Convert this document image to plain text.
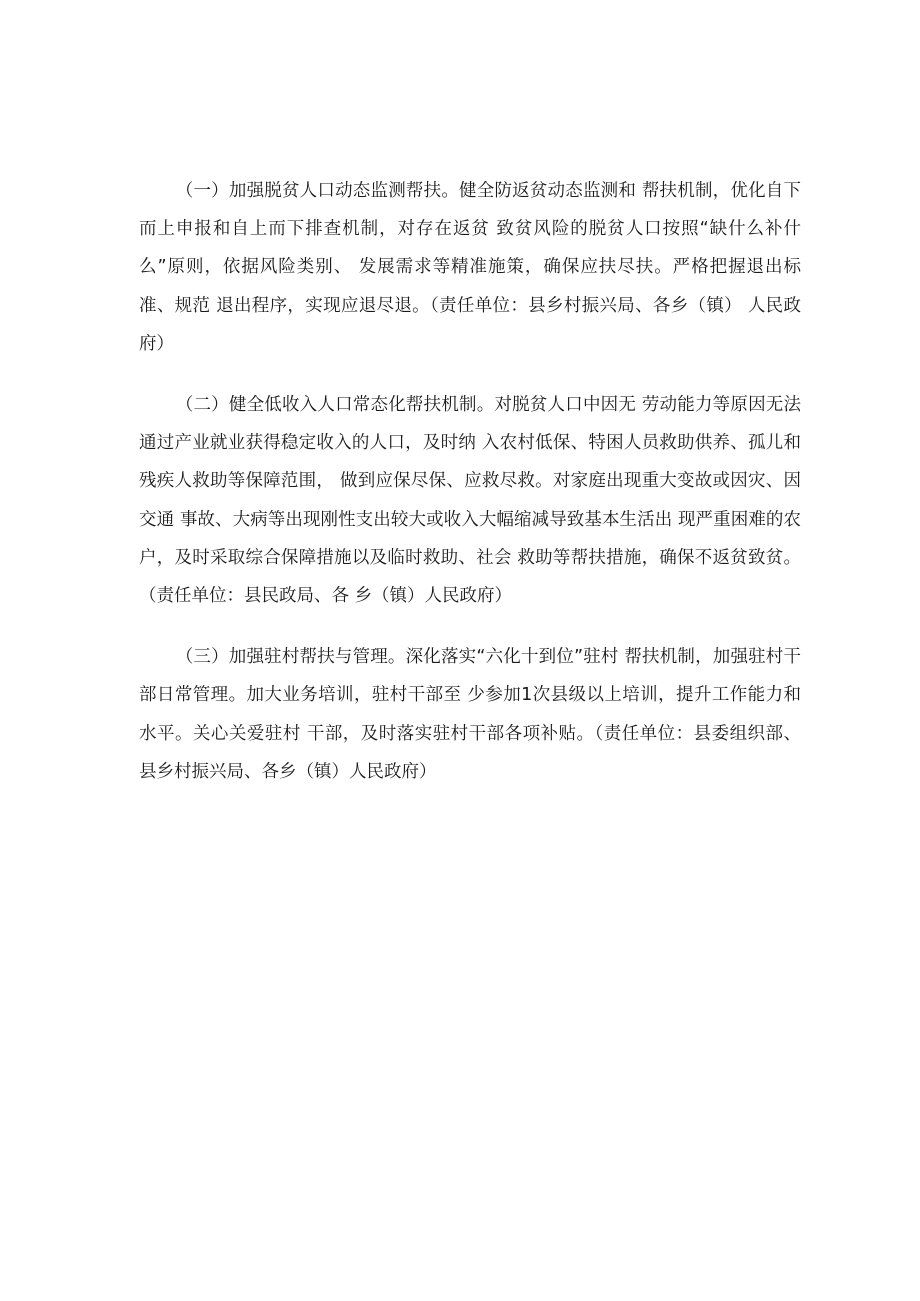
（一）加强脱贫人口动态监测帮扶。健全防返贫动态监测和 帮扶机制，优化自下而上申报和自上而下排查机制，对存在返贫 致贫风险的脱贫人口按照“缺什么补什么”原则，依据风险类别、 发展需求等精准施策，确保应扶尽扶。严格把握退出标准、规范 退出程序，实现应退尽退。（责任单位：县乡村振兴局、各乡（镇） 人民政府）

（二）健全低收入人口常态化帮扶机制。对脱贫人口中因无 劳动能力等原因无法通过产业就业获得稳定收入的人口，及时纳 入农村低保、特困人员救助供养、孤儿和残疾人救助等保障范围， 做到应保尽保、应救尽救。对家庭出现重大变故或因灾、因交通 事故、大病等出现刚性支出较大或收入大幅缩减导致基本生活出 现严重困难的农户，及时采取综合保障措施以及临时救助、社会 救助等帮扶措施，确保不返贫致贫。（责任单位：县民政局、各 乡（镇）人民政府）

（三）加强驻村帮扶与管理。深化落实“六化十到位”驻村 帮扶机制，加强驻村干部日常管理。加大业务培训，驻村干部至 少参加1次县级以上培训，提升工作能力和水平。关心关爱驻村 干部，及时落实驻村干部各项补贴。（责任单位：县委组织部、 县乡村振兴局、各乡（镇）人民政府）
